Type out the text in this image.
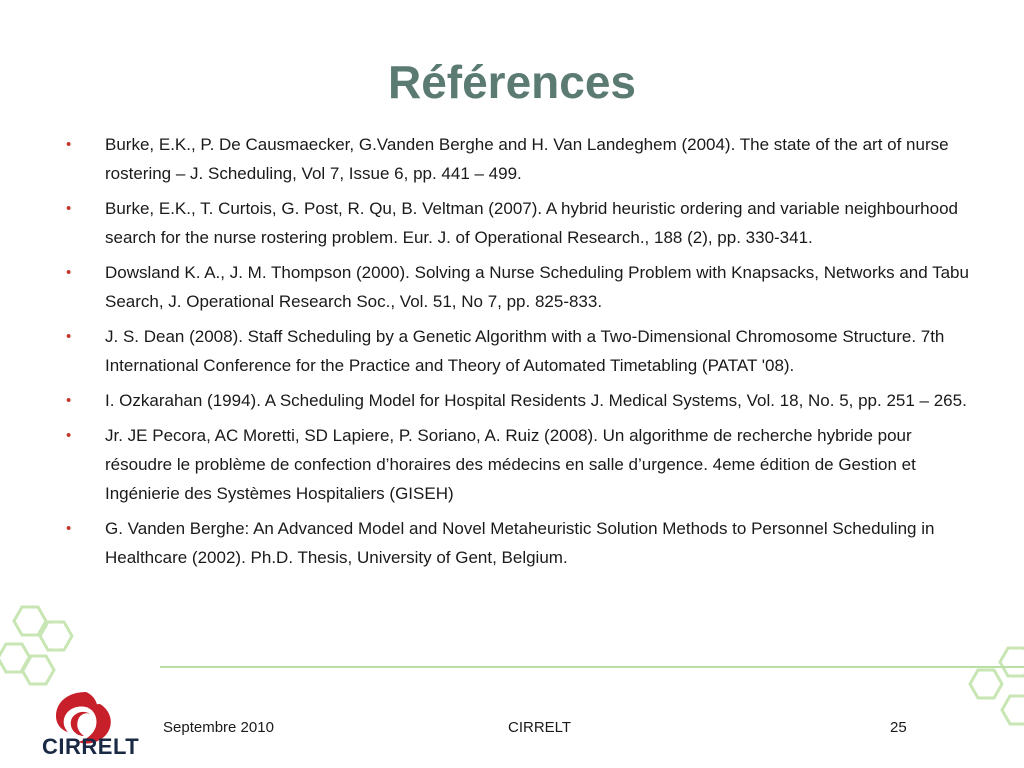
Références
• Burke, E.K., P. De Causmaecker, G.Vanden Berghe and H. Van Landeghem (2004). The state of the art of nurse rostering – J. Scheduling, Vol 7, Issue 6, pp. 441 – 499.
• Burke, E.K., T. Curtois, G. Post, R. Qu, B. Veltman (2007). A hybrid heuristic ordering and variable neighbourhood search for the nurse rostering problem. Eur. J. of Operational Research., 188 (2), pp. 330-341.
• Dowsland K. A., J. M. Thompson (2000). Solving a Nurse Scheduling Problem with Knapsacks, Networks and Tabu Search, J. Operational Research Soc., Vol. 51, No 7, pp. 825-833.
• J. S. Dean (2008). Staff Scheduling by a Genetic Algorithm with a Two-Dimensional Chromosome Structure. 7th International Conference for the Practice and Theory of Automated Timetabling (PATAT '08).
• I. Ozkarahan (1994). A Scheduling Model for Hospital Residents J. Medical Systems, Vol. 18, No. 5, pp. 251 – 265.
• Jr. JE Pecora, AC Moretti, SD Lapiere, P. Soriano, A. Ruiz (2008). Un algorithme de recherche hybride pour résoudre le problème de confection d’horaires des médecins en salle d’urgence. 4eme édition de Gestion et Ingénierie des Systèmes Hospitaliers (GISEH)
• G. Vanden Berghe: An Advanced Model and Novel Metaheuristic Solution Methods to Personnel Scheduling in Healthcare (2002). Ph.D. Thesis, University of Gent, Belgium.
CIRRELT
Septembre 2010	CIRRELT	25
